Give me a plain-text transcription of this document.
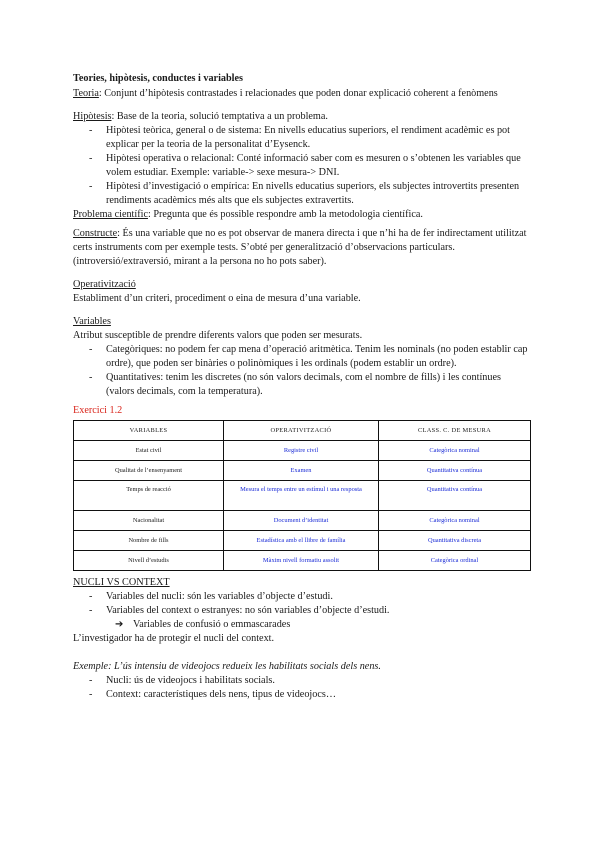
Teories, hipòtesis, conductes i variables

Teoria: Conjunt d’hipòtesis contrastades i relacionades que poden donar explicació coherent a fenòmens

Hipòtesis: Base de la teoria, solució temptativa a un problema.

- Hipòtesi teòrica, general o de sistema: En nivells educatius superiors, el rendiment acadèmic es pot explicar per la teoria de la personalitat d’Eysenck.
- Hipòtesi operativa o relacional: Conté informació saber com es mesuren o s’obtenen les variables que volem estudiar. Exemple: variable-> sexe mesura-> DNI.
- Hipòtesi d’investigació o empírica: En nivells educatius superiors, els subjectes introvertits presenten rendiments acadèmics més alts que els subjectes extravertits.

Problema científic: Pregunta que és possible respondre amb la metodologia científica.

Constructe: És una variable que no es pot observar de manera directa i que n’hi ha de fer indirectament utilitzat certs instruments com per exemple tests. S’obté per generalització d’observacions particulars. (introversió/extraversió, mirant a la persona no ho pots saber).

Operativització

Establiment d’un criteri, procediment o eina de mesura d’una variable.

Variables

Atribut susceptible de prendre diferents valors que poden ser mesurats.

- Categòriques: no podem fer cap mena d’operació aritmètica. Tenim les nominals (no poden establir cap ordre), que poden ser binàries o polinòmiques i les ordinals (podem establir un ordre).
- Quantitatives: tenim les discretes (no són valors decimals, com el nombre de fills) i les contínues (valors decimals, com la temperatura).

Exercici 1.2

VARIABLES	OPERATIVITZACIÓ	CLASS. C. DE MESURA
Estat civil	Registre civil	Categòrica nominal
Qualitat de l’ensenyament	Examen	Quantitativa contínua
Temps de reacció	Mesura el temps entre un estímul i una resposta	Quantitativa contínua
Nacionalitat	Document d’identitat	Categòrica nominal
Nombre de fills	Estadística amb el llibre de família	Quantitativa discreta
Nivell d’estudis	Màxim nivell formatiu assolit	Categòrica ordinal

NUCLI VS CONTEXT

- Variables del nucli: són les variables d’objecte d’estudi.
- Variables del context o estranyes: no són variables d’objecte d’estudi.
➔ Variables de confusió o emmascarades

L’investigador ha de protegir el nucli del context.

Exemple: L’ús intensiu de videojocs redueix les habilitats socials dels nens.

- Nucli: ús de videojocs i habilitats socials.
- Context: característiques dels nens, tipus de videojocs…
